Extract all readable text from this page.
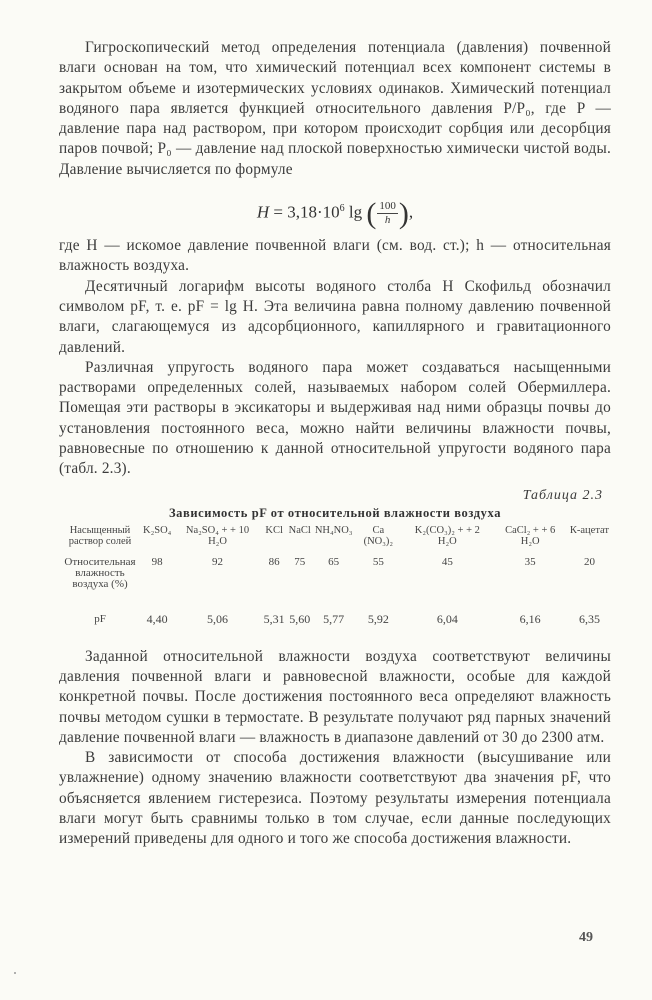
Гигроскопический метод определения потенциала (давления) почвенной влаги основан на том, что химический потенциал всех компонент системы в закрытом объеме и изотермических условиях одинаков. Химический потенциал водяного пара является функцией относительного давления P/P₀, где P — давление пара над раствором, при котором происходит сорбция или десорбция паров почвой; P₀ — давление над плоской поверхностью химически чистой воды. Давление вычисляется по формуле

$H = 3,18\cdot 10^6$ lg ( $\frac{100}{h}$ ),

где H — искомое давление почвенной влаги (см. вод. ст.); h — относительная влажность воздуха.

Десятичный логарифм высоты водяного столба H Скофильд обозначил символом pF, т. е. pF = lg H. Эта величина равна полному давлению почвенной влаги, слагающемуся из адсорбционного, капиллярного и гравитационного давлений.

Различная упругость водяного пара может создаваться насыщенными растворами определенных солей, называемых набором солей Обермиллера. Помещая эти растворы в эксикаторы и выдерживая над ними образцы почвы до установления постоянного веса, можно найти величины влажности почвы, равновесные по отношению к данной относительной упругости водяного пара (табл. 2.3).

Таблица 2.3
Зависимость pF от относительной влажности воздуха
Насыщенный раствор солей	K₂SO₄	Na₂SO₄ + + 10 H₂O	KCl	NaCl	NH₄NO₃	Ca (NO₃)₂	K₂(CO₃)₂ + + 2 H₂O	CaCl₂ + + 6 H₂O	К-ацетат
Относительная влажность воздуха (%)	98	92	86	75	65	55	45	35	20
pF	4,40	5,06	5,31	5,60	5,77	5,92	6,04	6,16	6,35

Заданной относительной влажности воздуха соответствуют величины давления почвенной влаги и равновесной влажности, особые для каждой конкретной почвы. После достижения постоянного веса определяют влажность почвы методом сушки в термостате. В результате получают ряд парных значений давление почвенной влаги — влажность в диапазоне давлений от 30 до 2300 атм.

В зависимости от способа достижения влажности (высушивание или увлажнение) одному значению влажности соответствуют два значения pF, что объясняется явлением гистерезиса. Поэтому результаты измерения потенциала влаги могут быть сравнимы только в том случае, если данные последующих измерений приведены для одного и того же способа достижения влажности.

49
